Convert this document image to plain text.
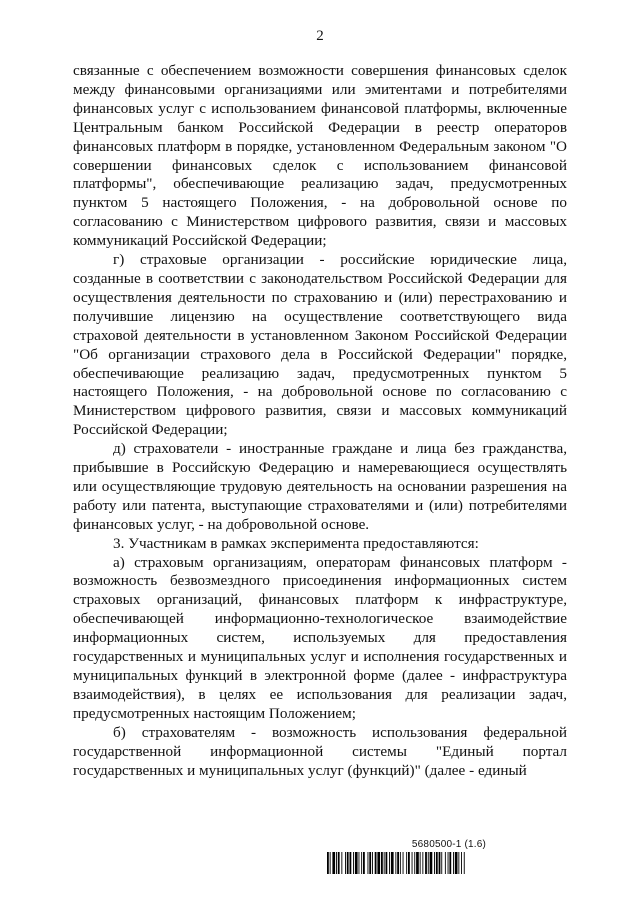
2

связанные с обеспечением возможности совершения финансовых сделок между финансовыми организациями или эмитентами и потребителями финансовых услуг с использованием финансовой платформы, включенные Центральным банком Российской Федерации в реестр операторов финансовых платформ в порядке, установленном Федеральным законом "О совершении финансовых сделок с использованием финансовой платформы", обеспечивающие реализацию задач, предусмотренных пунктом 5 настоящего Положения, - на добровольной основе по согласованию с Министерством цифрового развития, связи и массовых коммуникаций Российской Федерации;

г) страховые организации - российские юридические лица, созданные в соответствии с законодательством Российской Федерации для осуществления деятельности по страхованию и (или) перестрахованию и получившие лицензию на осуществление соответствующего вида страховой деятельности в установленном Законом Российской Федерации "Об организации страхового дела в Российской Федерации" порядке, обеспечивающие реализацию задач, предусмотренных пунктом 5 настоящего Положения, - на добровольной основе по согласованию с Министерством цифрового развития, связи и массовых коммуникаций Российской Федерации;

д) страхователи - иностранные граждане и лица без гражданства, прибывшие в Российскую Федерацию и намеревающиеся осуществлять или осуществляющие трудовую деятельность на основании разрешения на работу или патента, выступающие страхователями и (или) потребителями финансовых услуг, - на добровольной основе.

3. Участникам в рамках эксперимента предоставляются:

а) страховым организациям, операторам финансовых платформ - возможность безвозмездного присоединения информационных систем страховых организаций, финансовых платформ к инфраструктуре, обеспечивающей информационно-технологическое взаимодействие информационных систем, используемых для предоставления государственных и муниципальных услуг и исполнения государственных и муниципальных функций в электронной форме (далее - инфраструктура взаимодействия), в целях ее использования для реализации задач, предусмотренных настоящим Положением;

б) страхователям - возможность использования федеральной государственной информационной системы "Единый портал государственных и муниципальных услуг (функций)" (далее - единый

5680500-1 (1.6)
